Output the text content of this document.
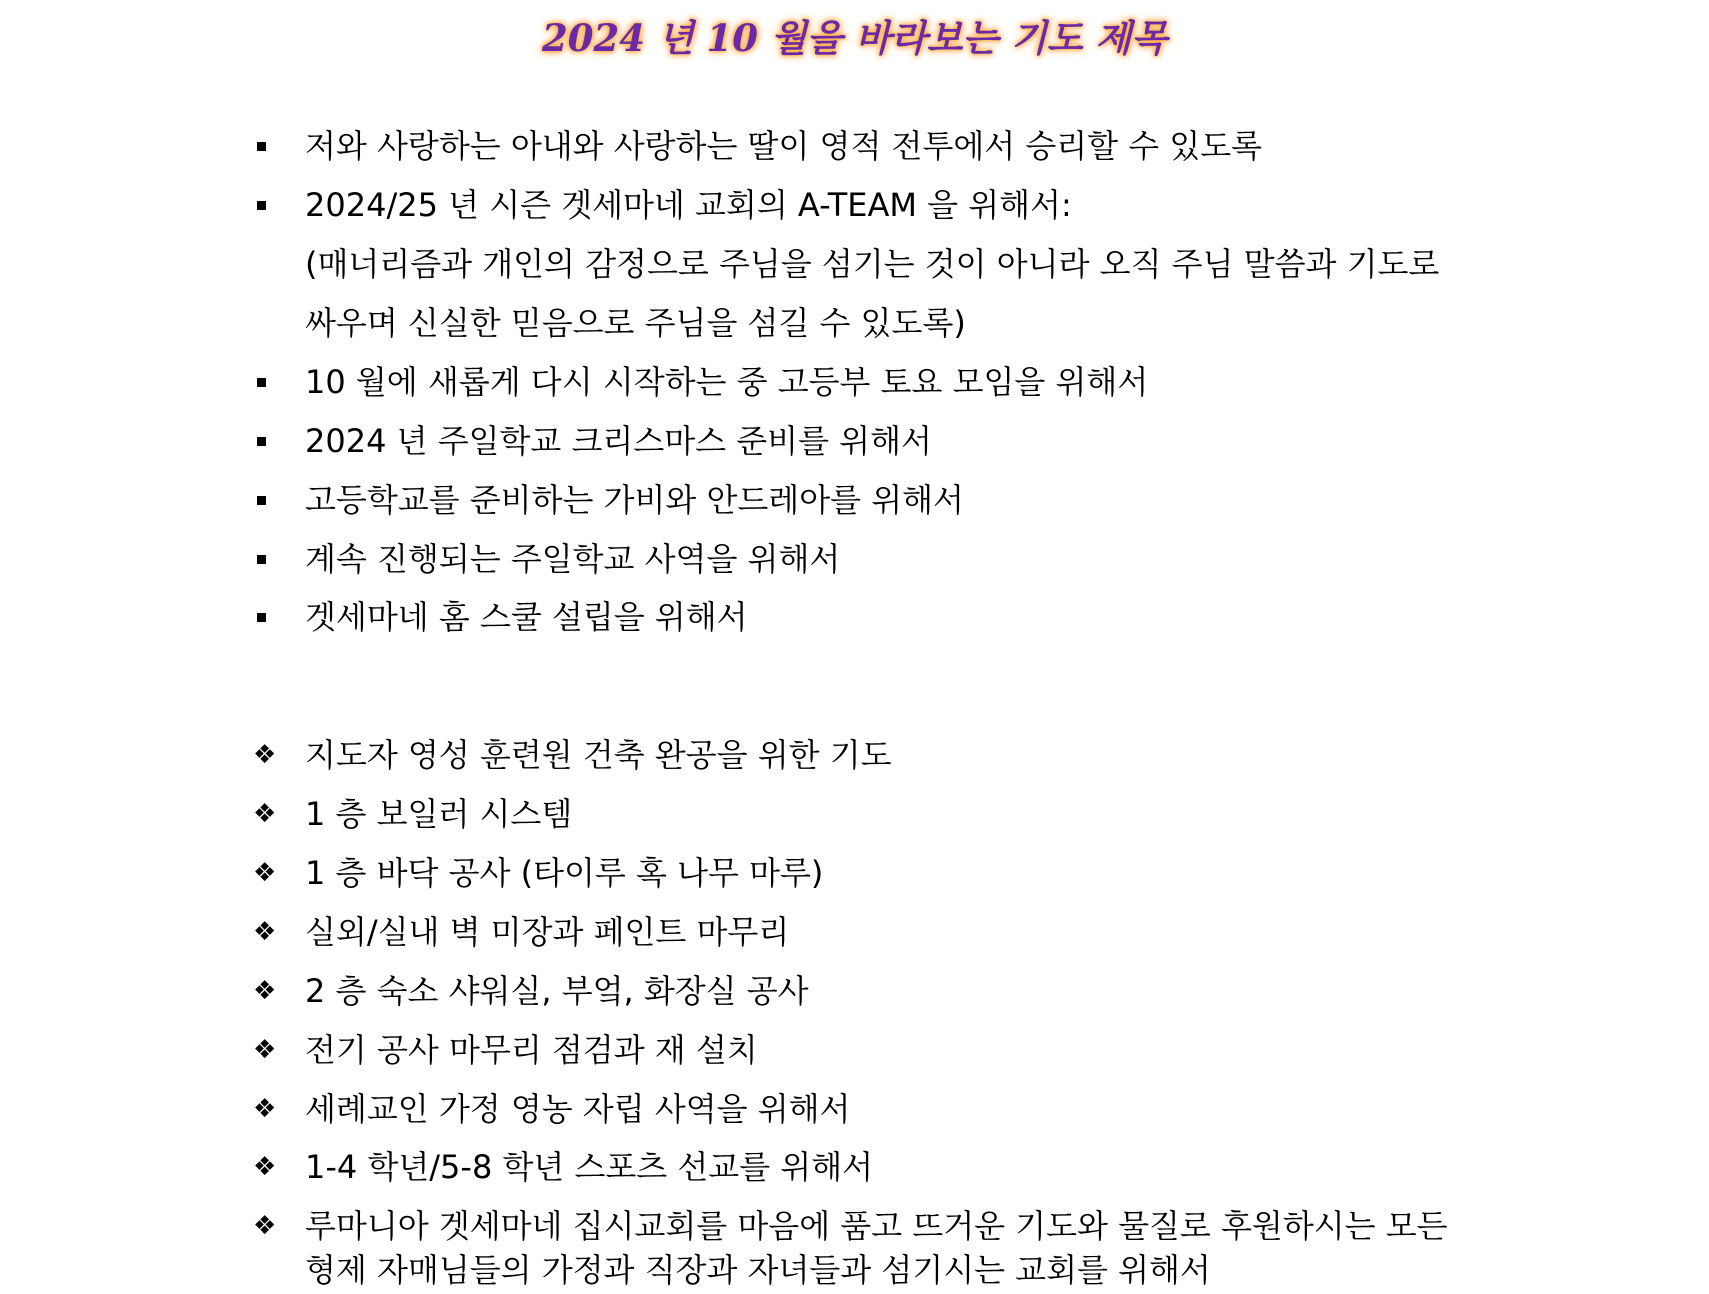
2024 년 10 월을 바라보는 기도 제목
저와 사랑하는 아내와 사랑하는 딸이 영적 전투에서 승리할 수 있도록
2024/25 년 시즌 겟세마네 교회의 A-TEAM 을 위해서:
(매너리즘과 개인의 감정으로 주님을 섬기는 것이 아니라 오직 주님 말씀과 기도로
싸우며 신실한 믿음으로 주님을 섬길 수 있도록)
10 월에 새롭게 다시 시작하는 중 고등부 토요 모임을 위해서
2024 년 주일학교 크리스마스 준비를 위해서
고등학교를 준비하는 가비와 안드레아를 위해서
계속 진행되는 주일학교 사역을 위해서
겟세마네 홈 스쿨 설립을 위해서
❖ 지도자 영성 훈련원 건축 완공을 위한 기도
❖ 1 층 보일러 시스템
❖ 1 층 바닥 공사 (타이루 혹 나무 마루)
❖ 실외/실내 벽 미장과 페인트 마무리
❖ 2 층 숙소 샤워실, 부엌, 화장실 공사
❖ 전기 공사 마무리 점검과 재 설치
❖ 세례교인 가정 영농 자립 사역을 위해서
❖ 1-4 학년/5-8 학년 스포츠 선교를 위해서
❖ 루마니아 겟세마네 집시교회를 마음에 품고 뜨거운 기도와 물질로 후원하시는 모든
형제 자매님들의 가정과 직장과 자녀들과 섬기시는 교회를 위해서
